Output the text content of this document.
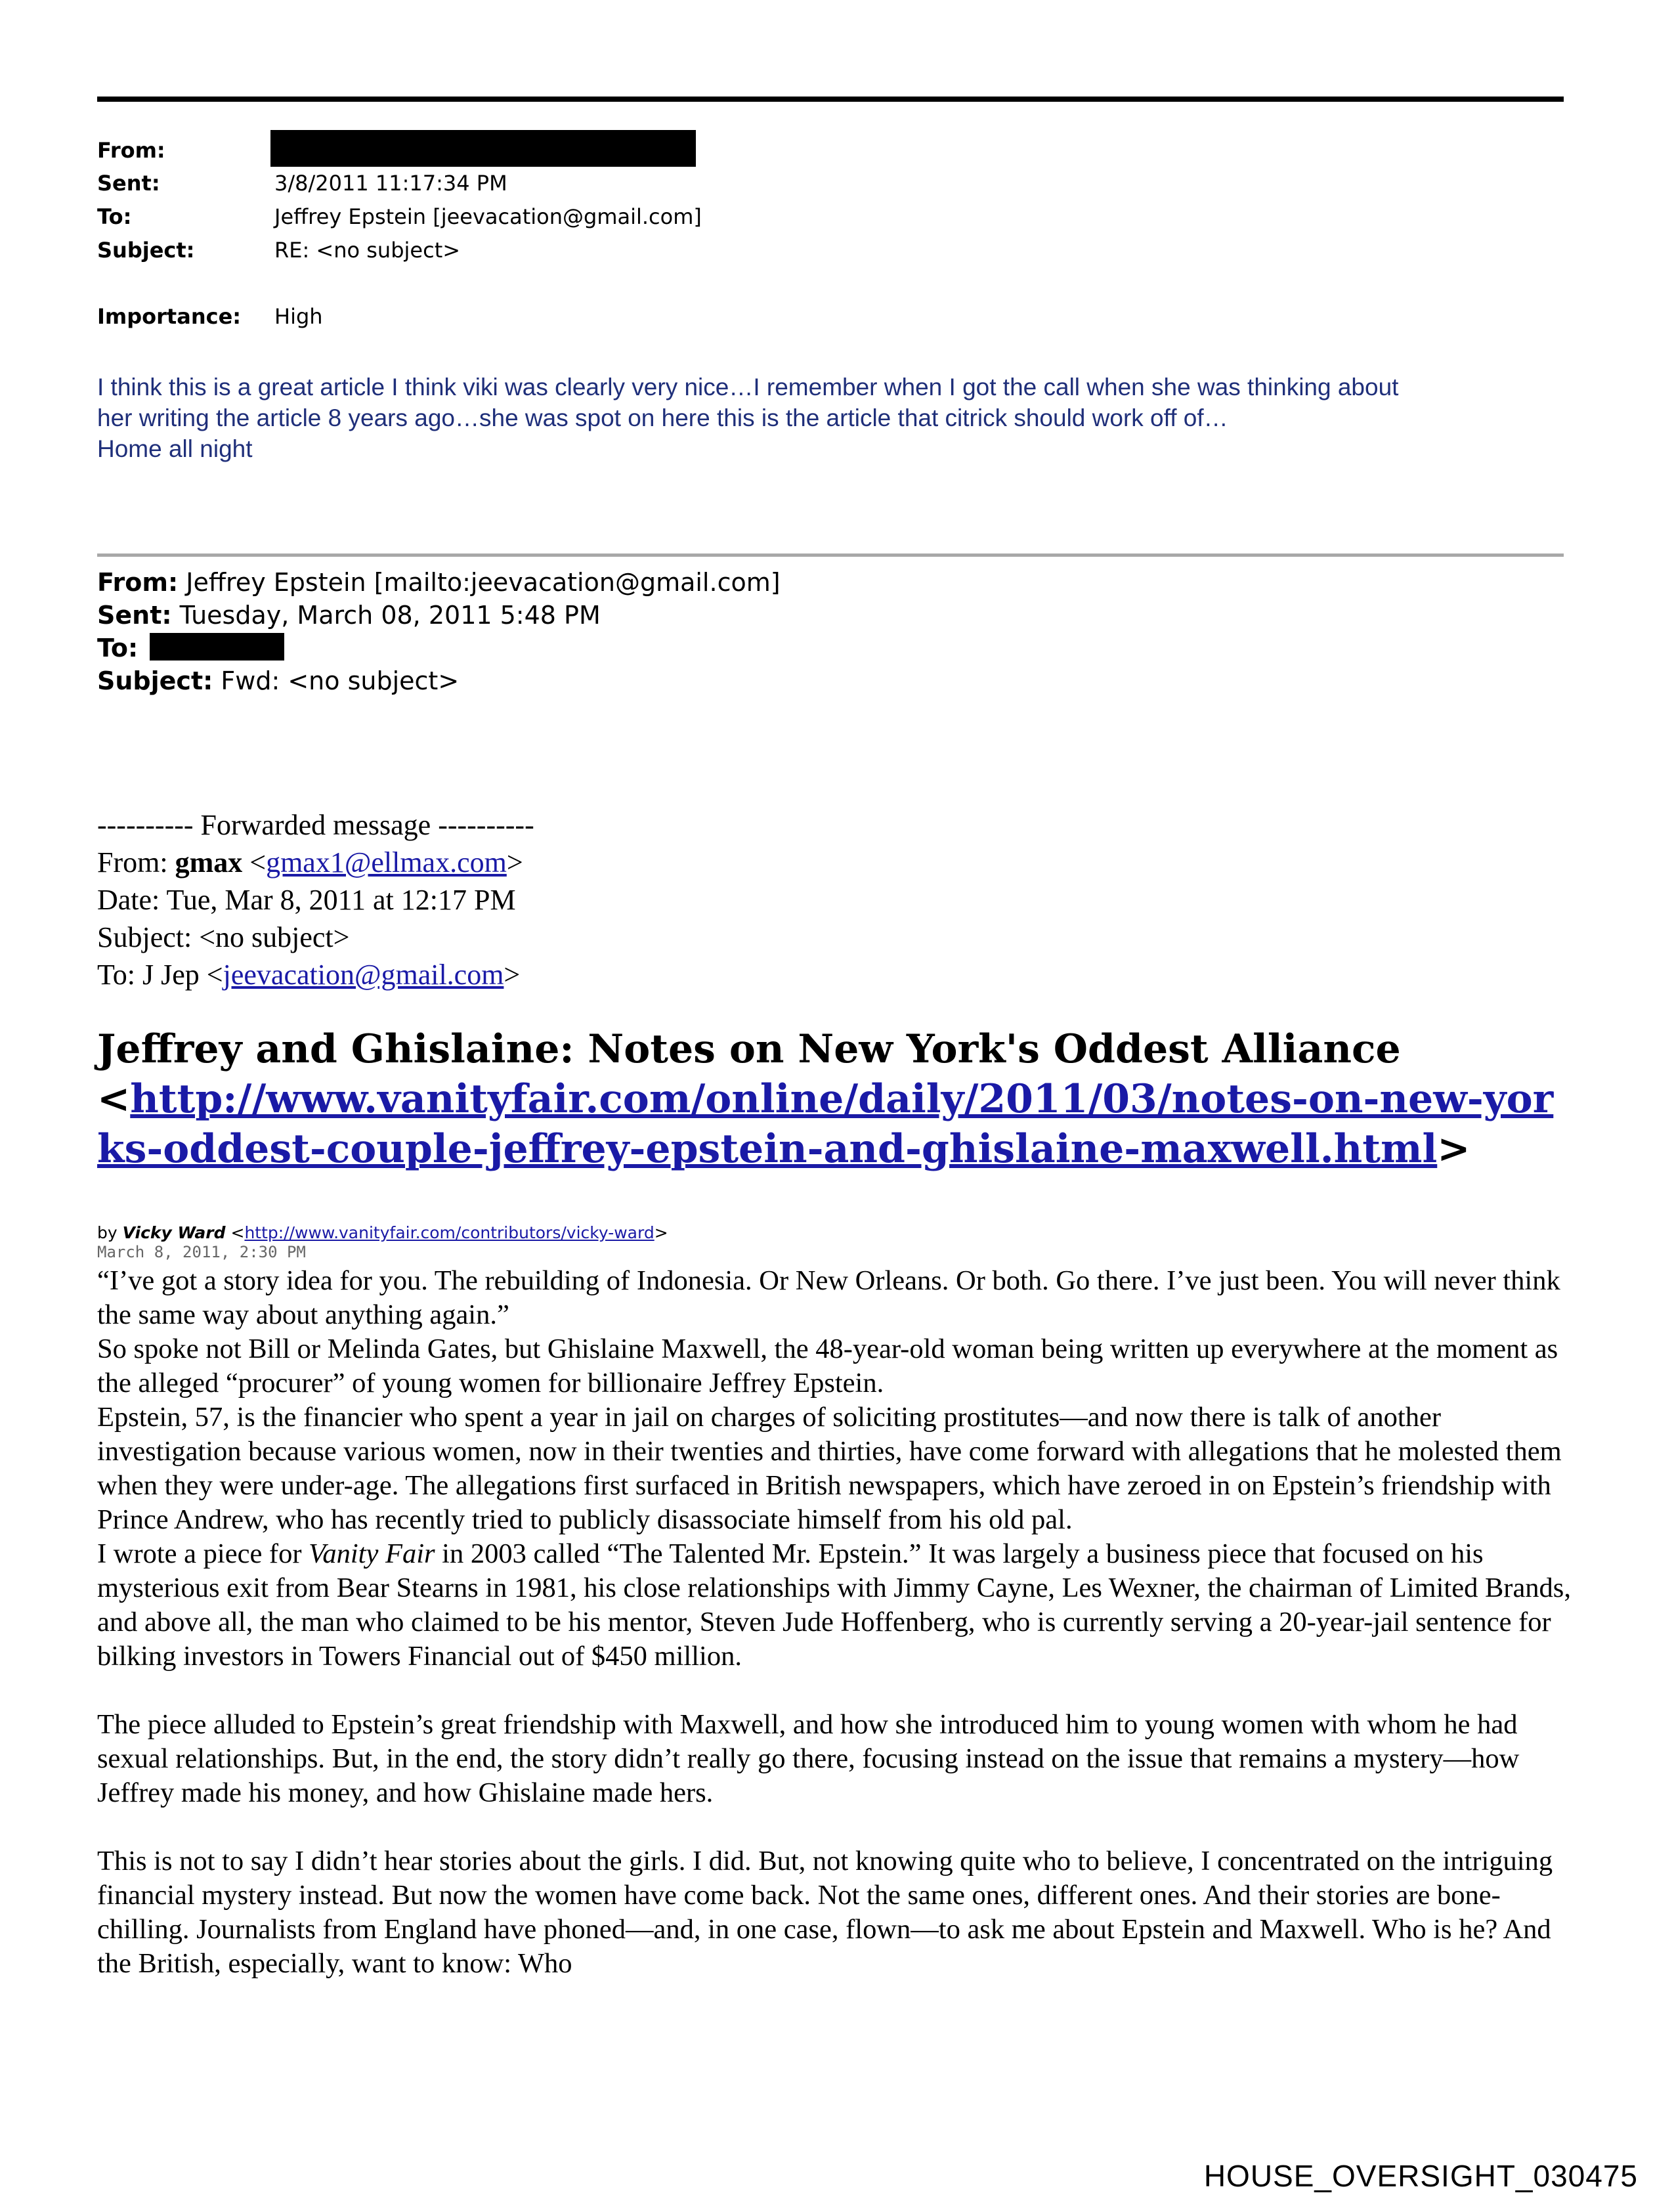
From:
Sent:	3/8/2011 11:17:34 PM
To:	Jeffrey Epstein [jeevacation@gmail.com]
Subject:	RE: <no subject>
Importance: High

I think this is a great article I think viki was clearly very nice…I remember when I got the call when she was thinking about

her writing the article 8 years ago…she was spot on here this is the article that citrick should work off of…

Home all night

From: Jeffrey Epstein [mailto:jeevacation@gmail.com]
Sent: Tuesday, March 08, 2011 5:48 PM
To:
Subject: Fwd: <no subject>
---------- Forwarded message ----------
From: gmax <gmax1@ellmax.com>
Date: Tue, Mar 8, 2011 at 12:17 PM
Subject: <no subject>
To: J Jep <jeevacation@gmail.com>
Jeffrey and Ghislaine: Notes on New York's Oddest Alliance
<http://www.vanityfair.com/online/daily/2011/03/notes-on-new-yorks-oddest-couple-jeffrey-epstein-and-ghislaine-maxwell.html>
by Vicky Ward <http://www.vanityfair.com/contributors/vicky-ward>
March 8, 2011, 2:30 PM

“I’ve got a story idea for you. The rebuilding of Indonesia. Or New Orleans. Or both. Go there. I’ve just been. You will never think the same way about anything again.”

So spoke not Bill or Melinda Gates, but Ghislaine Maxwell, the 48-year-old woman being written up everywhere at the moment as the alleged “procurer” of young women for billionaire Jeffrey Epstein.

Epstein, 57, is the financier who spent a year in jail on charges of soliciting prostitutes—and now there is talk of another investigation because various women, now in their twenties and thirties, have come forward with allegations that he molested them when they were under-age. The allegations first surfaced in British newspapers, which have zeroed in on Epstein’s friendship with Prince Andrew, who has recently tried to publicly disassociate himself from his old pal.

I wrote a piece for Vanity Fair in 2003 called “The Talented Mr. Epstein.” It was largely a business piece that focused on his mysterious exit from Bear Stearns in 1981, his close relationships with Jimmy Cayne, Les Wexner, the chairman of Limited Brands, and above all, the man who claimed to be his mentor, Steven Jude Hoffenberg, who is currently serving a 20-year-jail sentence for bilking investors in Towers Financial out of $450 million.

The piece alluded to Epstein’s great friendship with Maxwell, and how she introduced him to young women with whom he had sexual relationships. But, in the end, the story didn’t really go there, focusing instead on the issue that remains a mystery—how Jeffrey made his money, and how Ghislaine made hers.

This is not to say I didn’t hear stories about the girls. I did. But, not knowing quite who to believe, I concentrated on the intriguing financial mystery instead. But now the women have come back. Not the same ones, different ones. And their stories are bone-chilling. Journalists from England have phoned—and, in one case, flown—to ask me about Epstein and Maxwell. Who is he? And the British, especially, want to know: Who

HOUSE_OVERSIGHT_030475
